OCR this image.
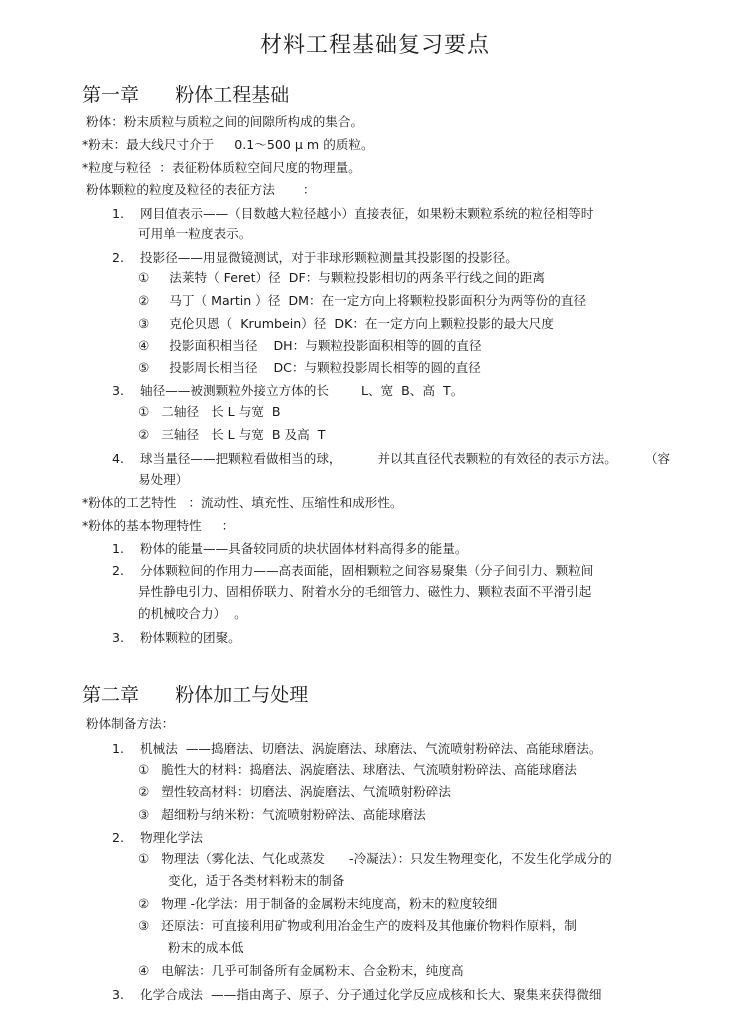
材料工程基础复习要点
第一章      粉体工程基础
粉体：粉末质粒与质粒之间的间隙所构成的集合。
*粉末：最大线尺寸介于     0.1～500 μ m 的质粒。
*粒度与粒径  ：表征粉体质粒空间尺度的物理量。
粉体颗粒的粒度及粒径的表征方法       ：
1.    网目值表示——（目数越大粒径越小）直接表征，如果粉末颗粒系统的粒径相等时
可用单一粒度表示。
2.    投影径——用显微镜测试，对于非球形颗粒测量其投影图的投影径。
①     法莱特（ Feret）径  DF：与颗粒投影相切的两条平行线之间的距离
②     马丁（ Martin ）径  DM：在一定方向上将颗粒投影面积分为两等份的直径
③     克伦贝恩（  Krumbein）径  DK：在一定方向上颗粒投影的最大尺度
④     投影面积相当径    DH：与颗粒投影面积相等的圆的直径
⑤     投影周长相当径    DC：与颗粒投影周长相等的圆的直径
3.    轴径——被测颗粒外接立方体的长        L、宽  B、高  T。
①   二轴径   长 L 与宽  B
②   三轴径   长 L 与宽  B 及高  T
4.    球当量径——把颗粒看做相当的球，         并以其直径代表颗粒的有效径的表示方法。       （容
易处理）
*粉体的工艺特性   ：流动性、填充性、压缩性和成形性。
*粉体的基本物理特性     ：
1.    粉体的能量——具备较同质的块状固体材料高得多的能量。
2.    分体颗粒间的作用力——高表面能，固相颗粒之间容易聚集（分子间引力、颗粒间
异性静电引力、固相侨联力、附着水分的毛细管力、磁性力、颗粒表面不平滑引起
的机械咬合力）  。
3.    粉体颗粒的团聚。
第二章      粉体加工与处理
粉体制备方法：
1.    机械法  ——捣磨法、切磨法、涡旋磨法、球磨法、气流喷射粉碎法、高能球磨法。
①   脆性大的材料：捣磨法、涡旋磨法、球磨法、气流喷射粉碎法、高能球磨法
②   塑性较高材料：切磨法、涡旋磨法、气流喷射粉碎法
③   超细粉与纳米粉：气流喷射粉碎法、高能球磨法
2.    物理化学法
①   物理法（雾化法、气化或蒸发      -冷凝法）：只发生物理变化，不发生化学成分的
变化，适于各类材料粉末的制备
②   物理 -化学法：用于制备的金属粉末纯度高，粉末的粒度较细
③   还原法：可直接利用矿物或利用冶金生产的废料及其他廉价物料作原料，制
粉末的成本低
④   电解法：几乎可制备所有金属粉末、合金粉末，纯度高
3.    化学合成法  ——指由离子、原子、分子通过化学反应成核和长大、聚集来获得微细
